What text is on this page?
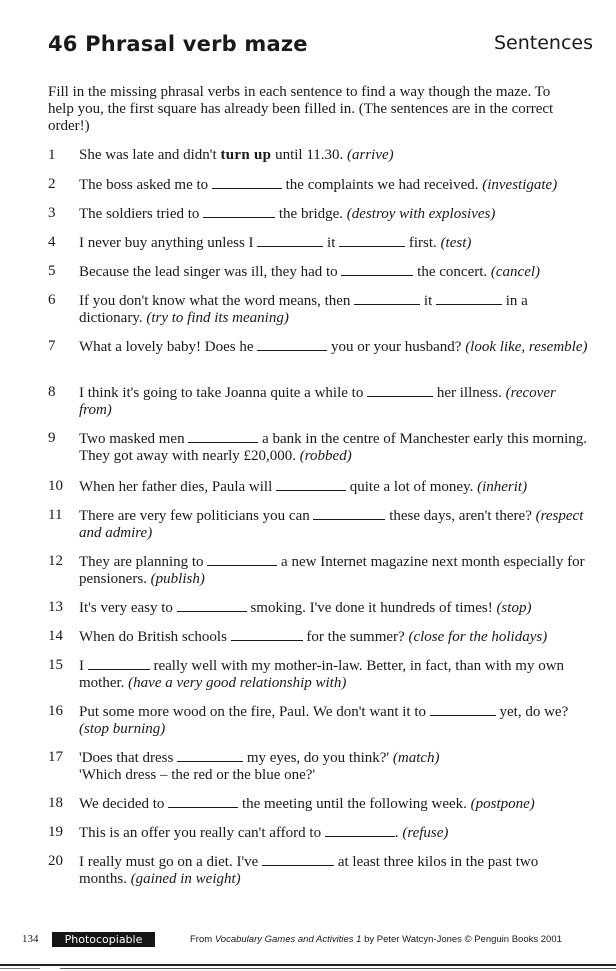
46 Phrasal verb maze	Sentences

Fill in the missing phrasal verbs in each sentence to find a way though the maze. To help you, the first square has already been filled in. (The sentences are in the correct order!)

1	She was late and didn't turn up until 11.30. (arrive)
2	The boss asked me to	the complaints we had received. (investigate)
3	The soldiers tried to	the bridge. (destroy with explosives)
4	I never buy anything unless I	it	first. (test)
5	Because the lead singer was ill, they had to	the concert. (cancel)
6	If you don't know what the word means, then	it	in a dictionary. (try to find its meaning)
7	What a lovely baby! Does he	you or your husband? (look like, resemble)
8	I think it's going to take Joanna quite a while to	her illness. (recover from)
9	Two masked men	a bank in the centre of Manchester early this morning. They got away with nearly £20,000. (robbed)
10	When her father dies, Paula will	quite a lot of money. (inherit)
11	There are very few politicians you can	these days, aren't there? (respect and admire)
12	They are planning to	a new Internet magazine next month especially for pensioners. (publish)
13	It's very easy to	smoking. I've done it hundreds of times! (stop)
14	When do British schools	for the summer? (close for the holidays)
15	I	really well with my mother-in-law. Better, in fact, than with my own mother. (have a very good relationship with)
16	Put some more wood on the fire, Paul. We don't want it to	yet, do we? (stop burning)
17	'Does that dress	my eyes, do you think?' (match)
'Which dress – the red or the blue one?'
18	We decided to	the meeting until the following week. (postpone)
19	This is an offer you really can't afford to	. (refuse)
20	I really must go on a diet. I've	at least three kilos in the past two months. (gained in weight)
134	Photocopiable	From Vocabulary Games and Activities 1 by Peter Watcyn-Jones © Penguin Books 2001
